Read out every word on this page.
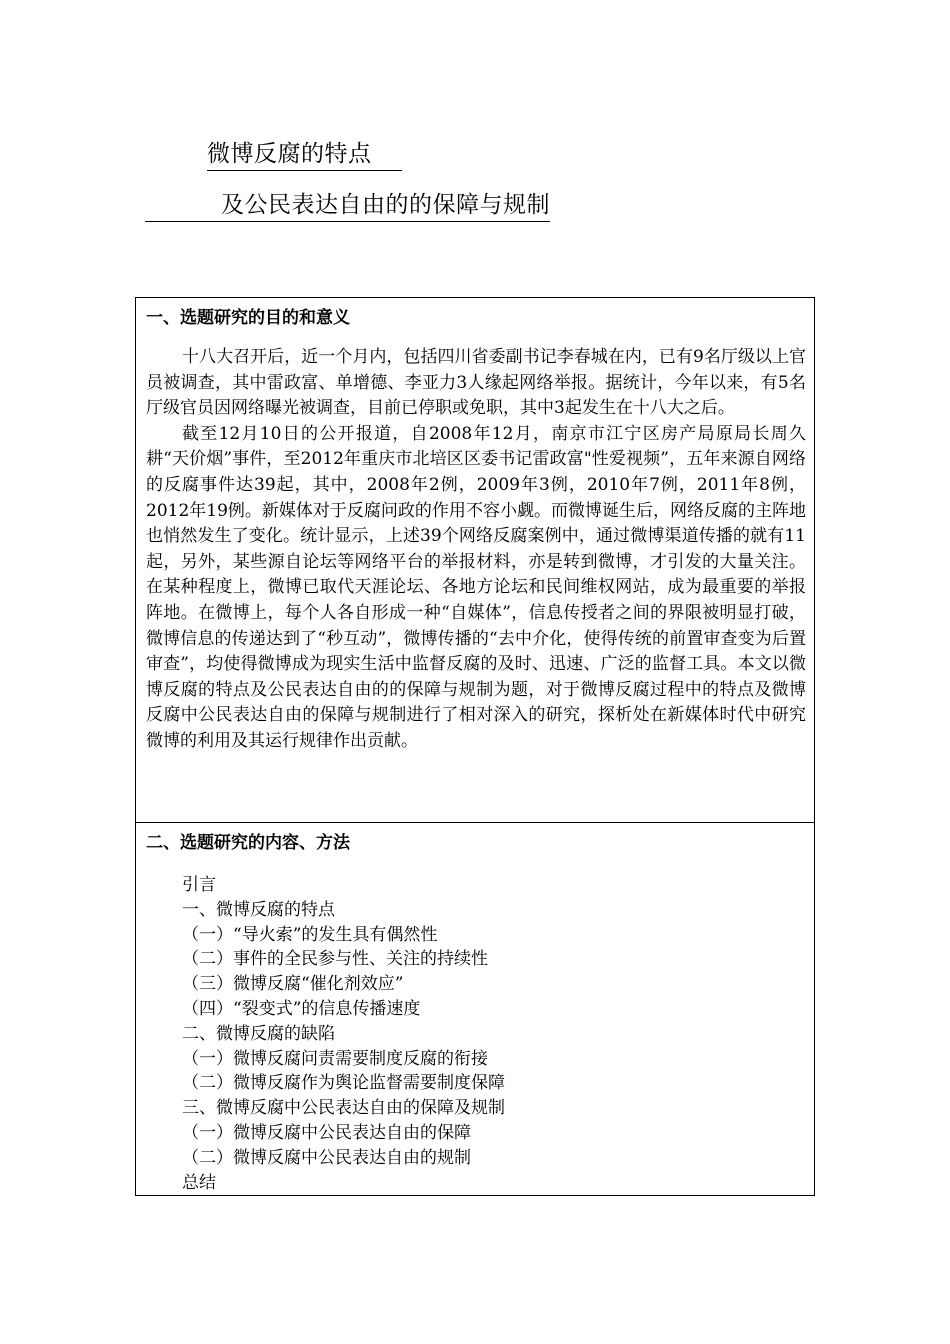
微博反腐的特点
及公民表达自由的的保障与规制
一、选题研究的目的和意义

十八大召开后，近一个月内，包括四川省委副书记李春城在内，已有9名厅级以上官员被调查，其中雷政富、单增德、李亚力3人缘起网络举报。据统计，今年以来，有5名厅级官员因网络曝光被调查，目前已停职或免职，其中3起发生在十八大之后。

截至12月10日的公开报道，自2008年12月，南京市江宁区房产局原局长周久耕“天价烟”事件，至2012年重庆市北培区区委书记雷政富"性爱视频”，五年来源自网络的反腐事件达39起，其中，2008年2例，2009年3例，2010年7例，2011年8例，2012年19例。新媒体对于反腐问政的作用不容小觑。而微博诞生后，网络反腐的主阵地也悄然发生了变化。统计显示，上述39个网络反腐案例中，通过微博渠道传播的就有11起，另外，某些源自论坛等网络平台的举报材料，亦是转到微博，才引发的大量关注。在某种程度上，微博已取代天涯论坛、各地方论坛和民间维权网站，成为最重要的举报阵地。在微博上，每个人各自形成一种“自媒体”，信息传授者之间的界限被明显打破，微博信息的传递达到了“秒互动”，微博传播的“去中介化，使得传统的前置审查变为后置审查”，均使得微博成为现实生活中监督反腐的及时、迅速、广泛的监督工具。本文以微博反腐的特点及公民表达自由的的保障与规制为题，对于微博反腐过程中的特点及微博反腐中公民表达自由的保障与规制进行了相对深入的研究，探析处在新媒体时代中研究微博的利用及其运行规律作出贡献。

二、选题研究的内容、方法
引言
一、微博反腐的特点
（一）“导火索”的发生具有偶然性
（二）事件的全民参与性、关注的持续性
（三）微博反腐“催化剂效应”
（四）“裂变式”的信息传播速度
二、微博反腐的缺陷
（一）微博反腐问责需要制度反腐的衔接
（二）微博反腐作为舆论监督需要制度保障
三、微博反腐中公民表达自由的保障及规制
（一）微博反腐中公民表达自由的保障
（二）微博反腐中公民表达自由的规制
总结
